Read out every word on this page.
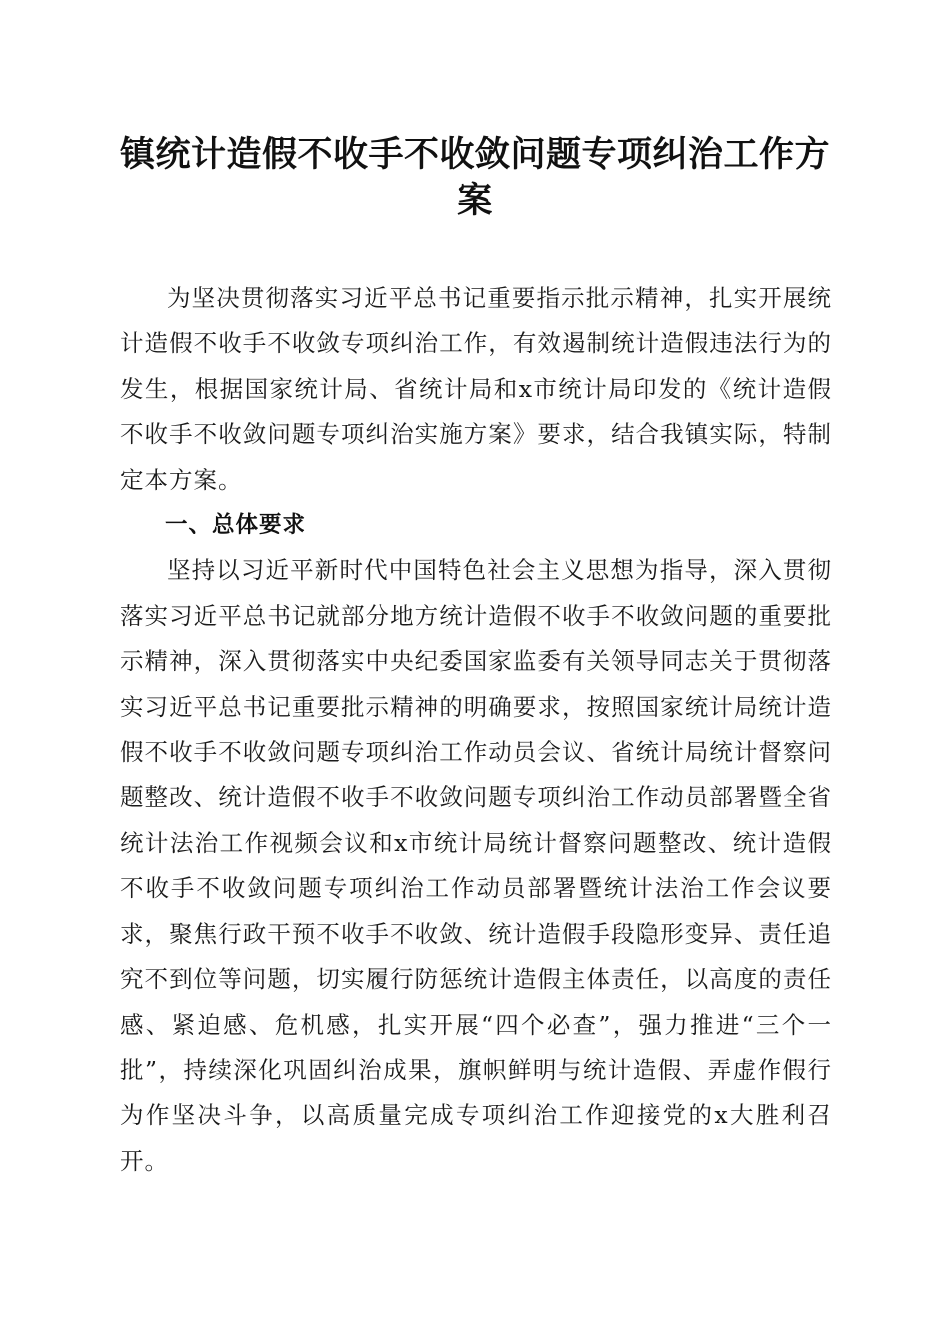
镇统计造假不收手不收敛问题专项纠治工作方案

为坚决贯彻落实习近平总书记重要指示批示精神，扎实开展统计造假不收手不收敛专项纠治工作，有效遏制统计造假违法行为的发生，根据国家统计局、省统计局和x市统计局印发的《统计造假不收手不收敛问题专项纠治实施方案》要求，结合我镇实际，特制定本方案。

一、总体要求

坚持以习近平新时代中国特色社会主义思想为指导，深入贯彻落实习近平总书记就部分地方统计造假不收手不收敛问题的重要批示精神，深入贯彻落实中央纪委国家监委有关领导同志关于贯彻落实习近平总书记重要批示精神的明确要求，按照国家统计局统计造假不收手不收敛问题专项纠治工作动员会议、省统计局统计督察问题整改、统计造假不收手不收敛问题专项纠治工作动员部署暨全省统计法治工作视频会议和x市统计局统计督察问题整改、统计造假不收手不收敛问题专项纠治工作动员部署暨统计法治工作会议要求，聚焦行政干预不收手不收敛、统计造假手段隐形变异、责任追究不到位等问题，切实履行防惩统计造假主体责任，以高度的责任感、紧迫感、危机感，扎实开展“四个必查”，强力推进“三个一批”，持续深化巩固纠治成果，旗帜鲜明与统计造假、弄虚作假行为作坚决斗争，以高质量完成专项纠治工作迎接党的x大胜利召开。
